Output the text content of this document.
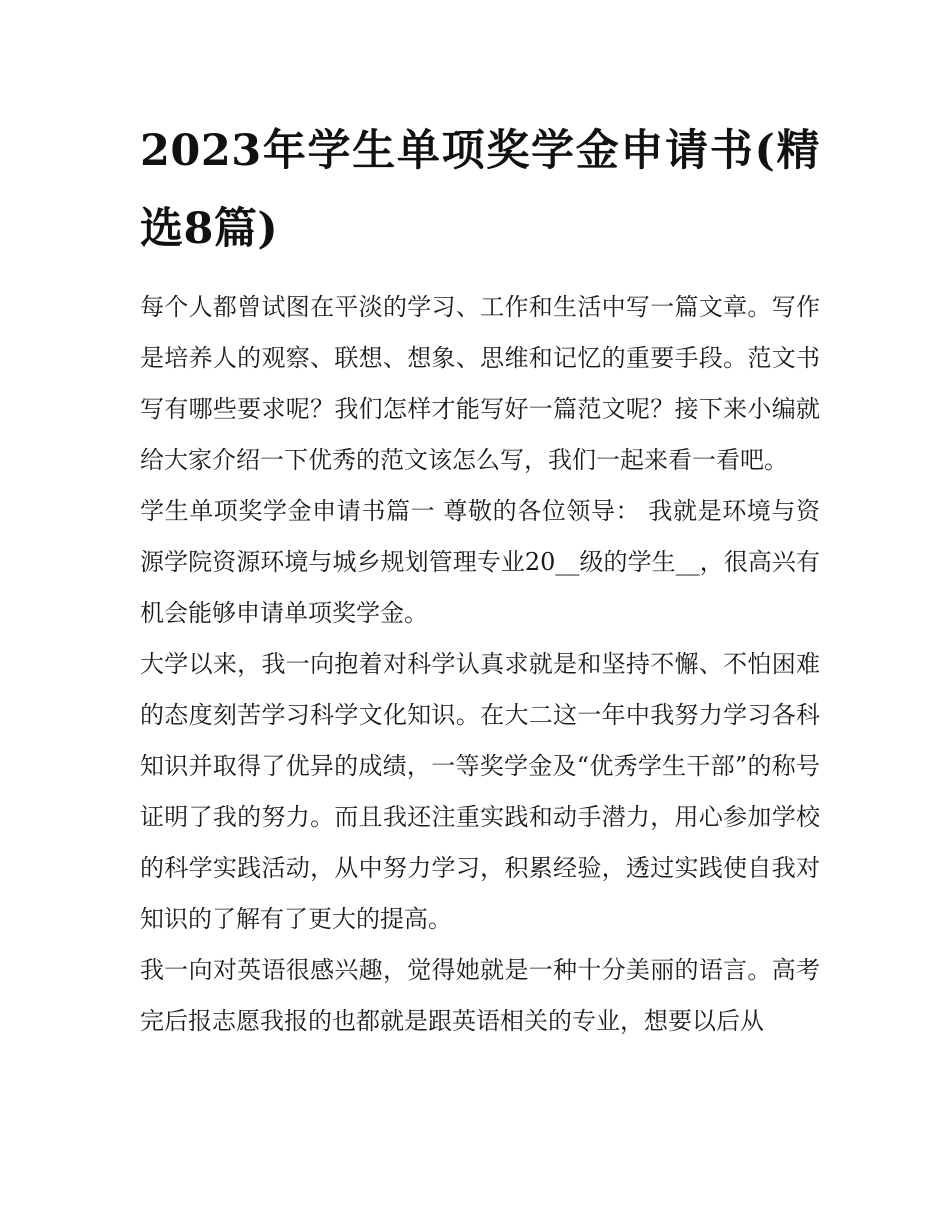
2023年学生单项奖学金申请书(精选8篇)

每个人都曾试图在平淡的学习、工作和生活中写一篇文章。写作是培养人的观察、联想、想象、思维和记忆的重要手段。范文书写有哪些要求呢？我们怎样才能写好一篇范文呢？接下来小编就给大家介绍一下优秀的范文该怎么写，我们一起来看一看吧。

学生单项奖学金申请书篇一 尊敬的各位领导： 我就是环境与资源学院资源环境与城乡规划管理专业20__级的学生__，很高兴有机会能够申请单项奖学金。

大学以来，我一向抱着对科学认真求就是和坚持不懈、不怕困难的态度刻苦学习科学文化知识。在大二这一年中我努力学习各科知识并取得了优异的成绩，一等奖学金及“优秀学生干部”的称号证明了我的努力。而且我还注重实践和动手潜力，用心参加学校的科学实践活动，从中努力学习，积累经验，透过实践使自我对知识的了解有了更大的提高。

我一向对英语很感兴趣，觉得她就是一种十分美丽的语言。高考完后报志愿我报的也都就是跟英语相关的专业，想要以后从
